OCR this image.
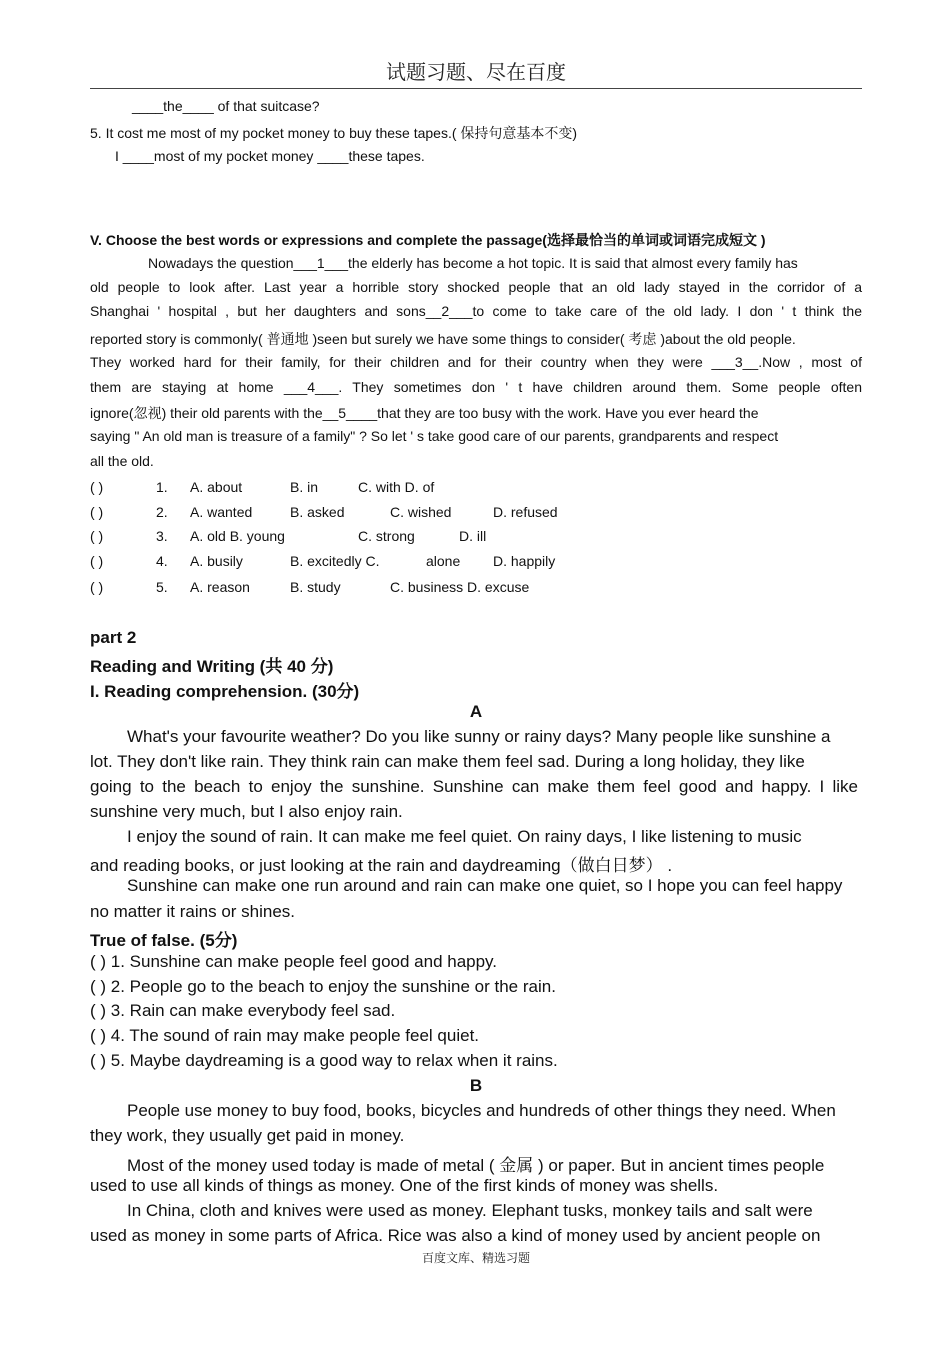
试题习题、尽在百度
____the____ of that suitcase?
5. It cost me most of my pocket money to buy these tapes.( 保持句意基本不变)
I ____most of my pocket money ____these tapes.
V. Choose the best words or expressions and complete the passage(选择最恰当的单词或词语完成短文 )
Nowadays the question___1___the elderly has become a hot topic. It is said that almost every family has
old people to look after. Last year a horrible story shocked people that an old lady stayed in the corridor of a
Shanghai ' hospital , but her daughters and sons__2___to come to take care of the old lady. I don ' t think the
reported story is commonly( 普通地 )seen but surely we have some things to consider( 考虑 )about the old people.
They worked hard for their family, for their children and for their country when they were ___3__.Now , most of
them are staying at home ___4___. They sometimes don ' t have children around them. Some people often
ignore(忽视) their old parents with the__5____that they are too busy with the work. Have you ever heard the
saying " An old man is treasure of a family" ? So let ' s take good care of our parents, grandparents and respect
all the old.
( )	1. A. about	B. in	C. with D. of
( )	2. A. wanted	B. asked	C. wished	D. refused
( )	3. A. old B. young	C. strong	D. ill
( )	4. A. busily	B. excitedly C.	alone D. happily
( )	5. A. reason	B. study	C. business D. excuse
part 2
Reading and Writing (共 40 分)
I. Reading comprehension. (30分)
A
What's your favourite weather? Do you like sunny or rainy days? Many people like sunshine a
lot. They don't like rain. They think rain can make them feel sad. During a long holiday, they like
going to the beach to enjoy the sunshine. Sunshine can make them feel good and happy. I like
sunshine very much, but I also enjoy rain.
I enjoy the sound of rain. It can make me feel quiet. On rainy days, I like listening to music
and reading books, or just looking at the rain and daydreaming（做白日梦） .
Sunshine can make one run around and rain can make one quiet, so I hope you can feel happy
no matter it rains or shines.
True of false. (5分)
( ) 1. Sunshine can make people feel good and happy.
( ) 2. People go to the beach to enjoy the sunshine or the rain.
( ) 3. Rain can make everybody feel sad.
( ) 4. The sound of rain may make people feel quiet.
( ) 5. Maybe daydreaming is a good way to relax when it rains.
B
People use money to buy food, books, bicycles and hundreds of other things they need. When
they work, they usually get paid in money.
Most of the money used today is made of metal ( 金属 ) or paper. But in ancient times people
used to use all kinds of things as money. One of the first kinds of money was shells.
In China, cloth and knives were used as money. Elephant tusks, monkey tails and salt were
used as money in some parts of Africa. Rice was also a kind of money used by ancient people on
百度文库、精选习题
